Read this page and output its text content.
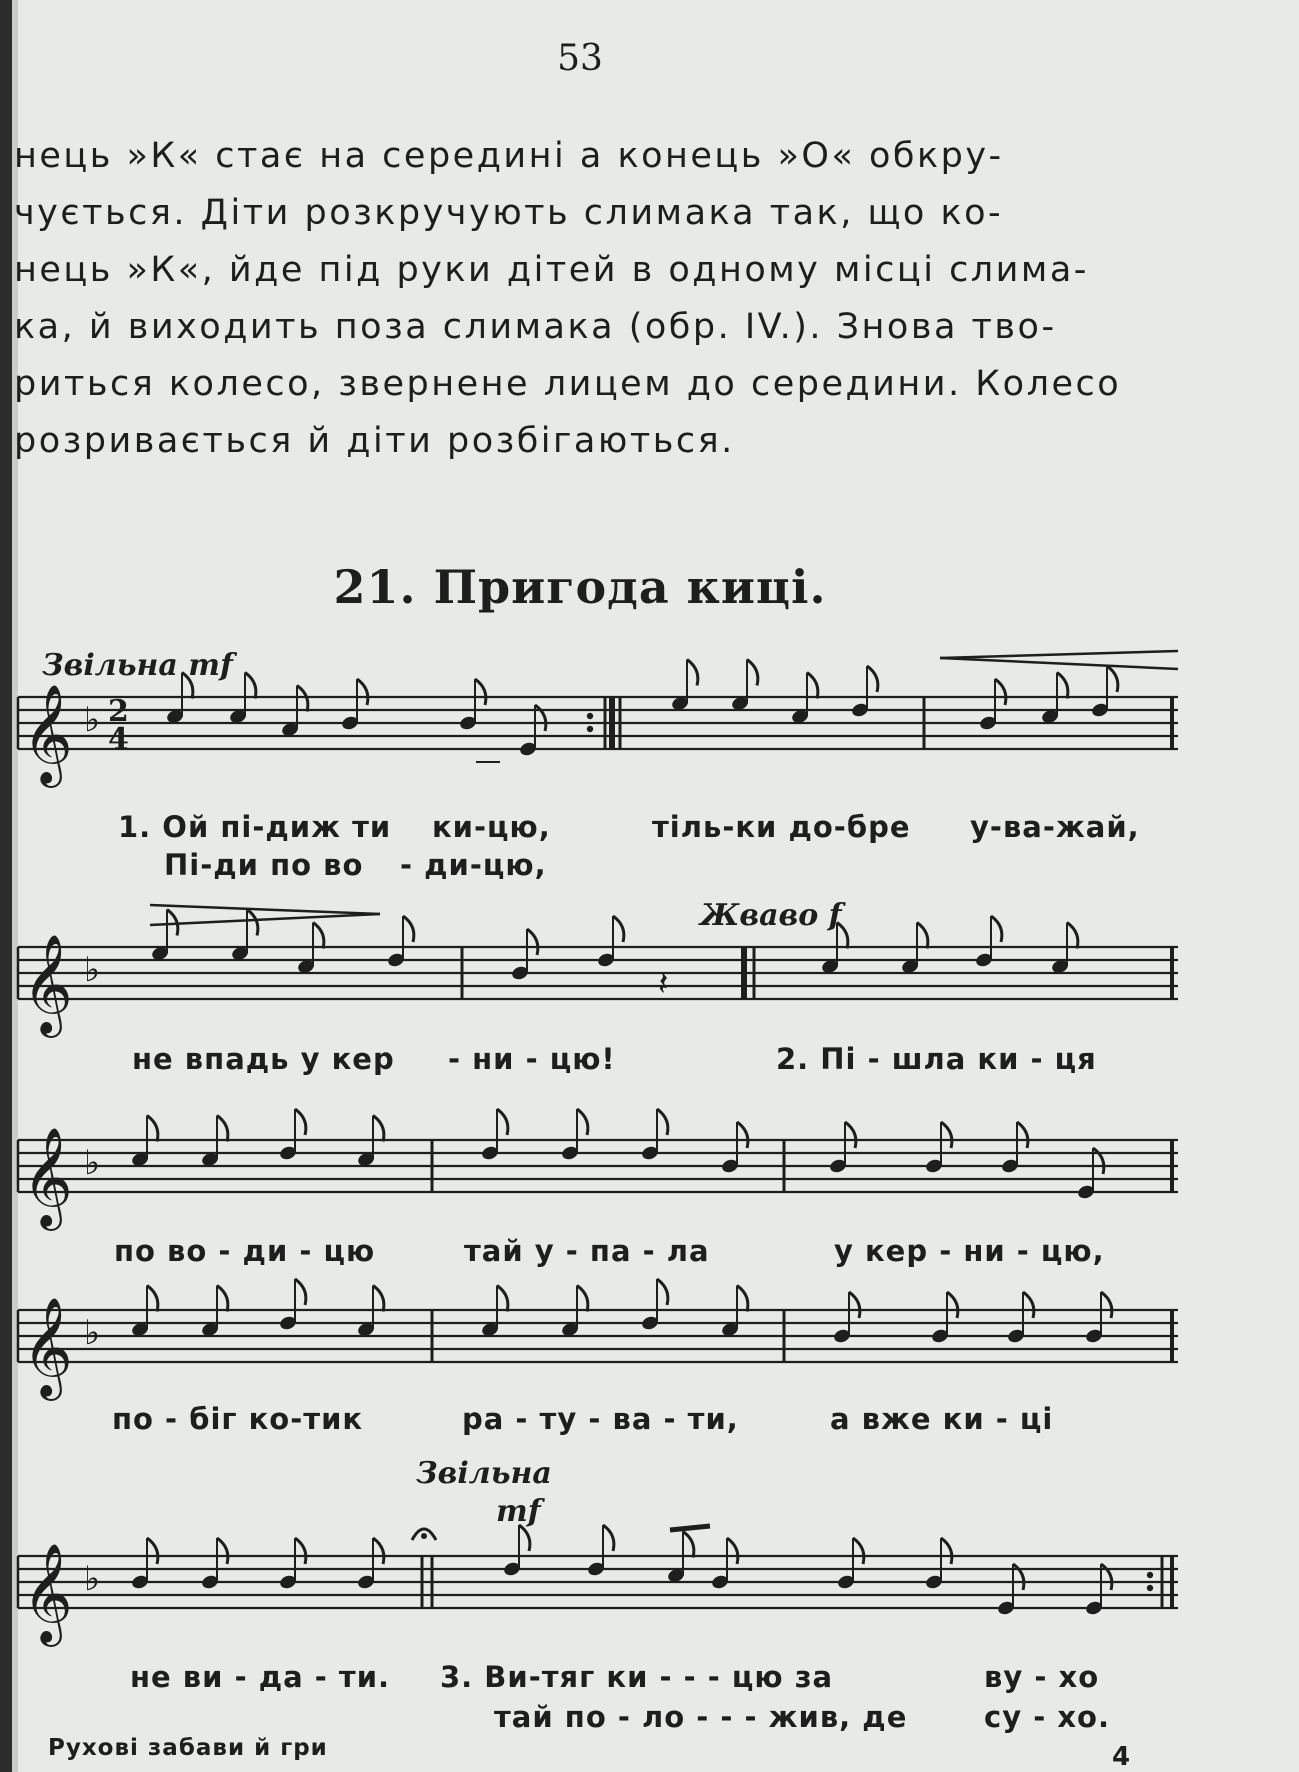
53
нець »К« стає на середині а конець »О« обкру-
чується. Діти розкручують слимака так, що ко-
нець »К«, йде під руки дітей в одному місці слима-
ка, й виходить поза слимака (обр. IV.). Знова тво-
риться колесо, звернене лицем до середини. Колесо
розривається й діти розбігаються.
21. Пригода киці.
𝄞 ♭ 2
4
𝄞 ♭
𝄞 ♭
𝄞 ♭
𝄞 ♭
𝄽
Звільна mf
Жваво f
Звільна
mf
1. Ой пі-диж ти ки-цю,	тіль-ки до-бре у-ва-жай,
Пі-ди по во - ди-цю,
не впадь у кер - ни - цю!	2. Пі - шла ки - ця
по во - ди - цю	тай у - па - ла	у кер - ни - цю,
по - біг ко-тик	ра - ту - ва - ти,	а вже ки - ці
не ви - да - ти. 3. Ви-тяг ки - - - цю за	ву - хо
тай по - ло - - - жив, де	су - хо.
Рухові забави й гри	4
